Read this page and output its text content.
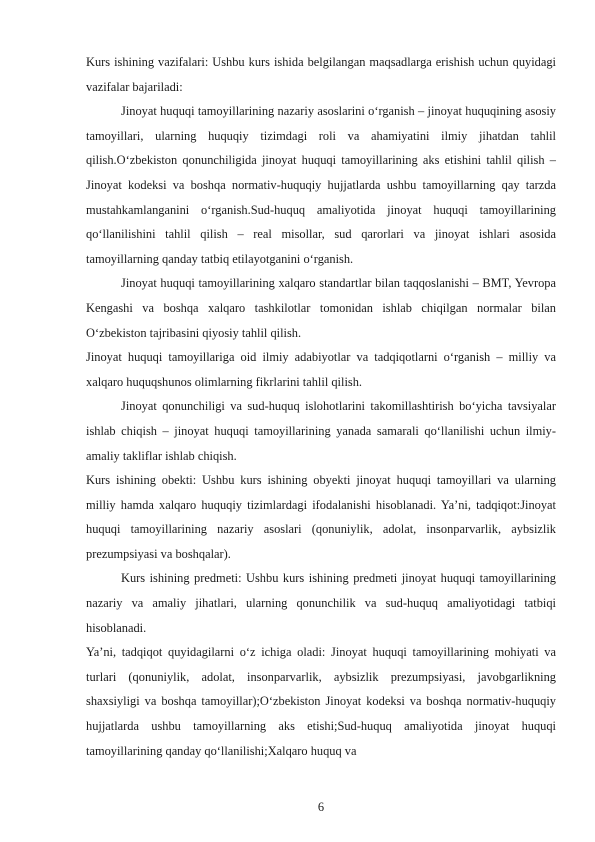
Kurs ishining vazifalari: Ushbu kurs ishida belgilangan maqsadlarga erishish uchun quyidagi vazifalar bajariladi:

Jinoyat huquqi tamoyillarining nazariy asoslarini o‘rganish – jinoyat huquqining asosiy tamoyillari, ularning huquqiy tizimdagi roli va ahamiyatini ilmiy jihatdan tahlil qilish.O‘zbekiston qonunchiligida jinoyat huquqi tamoyillarining aks etishini tahlil qilish – Jinoyat kodeksi va boshqa normativ-huquqiy hujjatlarda ushbu tamoyillarning qay tarzda mustahkamlanganini o‘rganish.Sud-huquq amaliyotida jinoyat huquqi tamoyillarining qo‘llanilishini tahlil qilish – real misollar, sud qarorlari va jinoyat ishlari asosida tamoyillarning qanday tatbiq etilayotganini o‘rganish.

Jinoyat huquqi tamoyillarining xalqaro standartlar bilan taqqoslanishi – BMT, Yevropa Kengashi va boshqa xalqaro tashkilotlar tomonidan ishlab chiqilgan normalar bilan O‘zbekiston tajribasini qiyosiy tahlil qilish.

Jinoyat huquqi tamoyillariga oid ilmiy adabiyotlar va tadqiqotlarni o‘rganish – milliy va xalqaro huquqshunos olimlarning fikrlarini tahlil qilish.

Jinoyat qonunchiligi va sud-huquq islohotlarini takomillashtirish bo‘yicha tavsiyalar ishlab chiqish – jinoyat huquqi tamoyillarining yanada samarali qo‘llanilishi uchun ilmiy-amaliy takliflar ishlab chiqish.

Kurs ishining obekti: Ushbu kurs ishining obyekti jinoyat huquqi tamoyillari va ularning milliy hamda xalqaro huquqiy tizimlardagi ifodalanishi hisoblanadi. Ya’ni, tadqiqot:Jinoyat huquqi tamoyillarining nazariy asoslari (qonuniylik, adolat, insonparvarlik, aybsizlik prezumpsiyasi va boshqalar).

Kurs ishining predmeti: Ushbu kurs ishining predmeti jinoyat huquqi tamoyillarining nazariy va amaliy jihatlari, ularning qonunchilik va sud-huquq amaliyotidagi tatbiqi hisoblanadi.

Ya’ni, tadqiqot quyidagilarni o‘z ichiga oladi: Jinoyat huquqi tamoyillarining mohiyati va turlari (qonuniylik, adolat, insonparvarlik, aybsizlik prezumpsiyasi, javobgarlikning shaxsiyligi va boshqa tamoyillar);O‘zbekiston Jinoyat kodeksi va boshqa normativ-huquqiy hujjatlarda ushbu tamoyillarning aks etishi;Sud-huquq amaliyotida jinoyat huquqi tamoyillarining qanday qo‘llanilishi;Xalqaro huquq va

6
